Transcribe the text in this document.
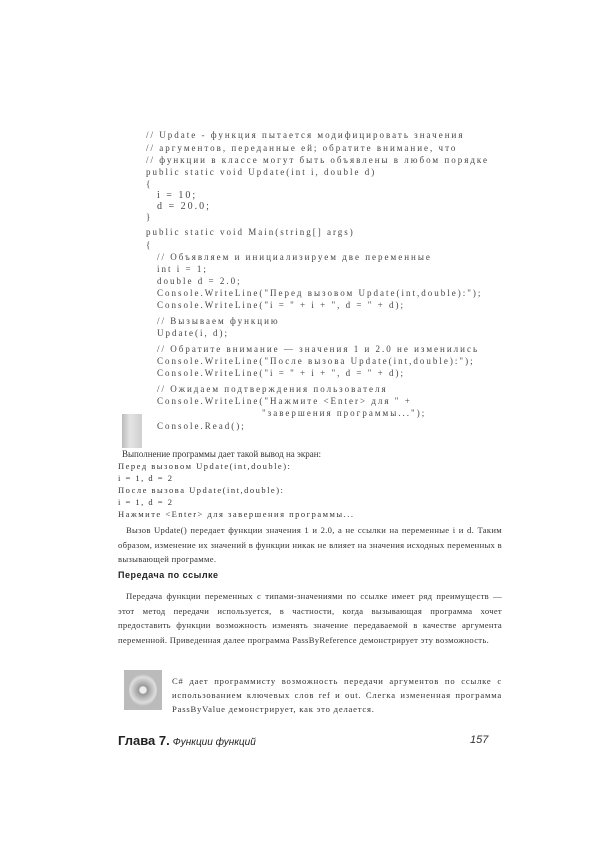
// Update - функция пытается модифицировать значения
// аргументов, переданные ей; обратите внимание, что
// функции в классе могут быть объявлены в любом порядке
public static void Update(int i, double d)
{
i = 10;
d = 20.0;
}
public static void Main(string[] args)
{
// Объявляем и инициализируем две переменные
int i = 1;
double d = 2.0;
Console.WriteLine("Перед вызовом Update(int,double):");
Console.WriteLine("i = " + i + ", d = " + d);
// Вызываем функцию
Update(i, d);
// Обратите внимание — значения 1 и 2.0 не изменились
Console.WriteLine("После вызова Update(int,double):");
Console.WriteLine("i = " + i + ", d = " + d);
// Ожидаем подтверждения пользователя
Console.WriteLine("Нажмите <Enter> для " +
"завершения программы...");
Console.Read();
Выполнение программы дает такой вывод на экран:
Перед вызовом Update(int,double):
i = 1, d = 2
После вызова Update(int,double):
i = 1, d = 2
Нажмите <Enter> для завершения программы...

Вызов Update() передает функции значения 1 и 2.0, а не ссылки на переменные i и d. Таким образом, изменение их значений в функции никак не влияет на значения исходных переменных в вызывающей программе.

Передача по ссылке

Передача функции переменных с типами-значениями по ссылке имеет ряд преимуществ — этот метод передачи используется, в частности, когда вызывающая программа хочет предоставить функции возможность изменять значение передаваемой в качестве аргумента переменной. Приведенная далее программа PassByReference демонстрирует эту возможность.

C# дает программисту возможность передачи аргументов по ссылке с использованием ключевых слов ref и out. Слегка измененная программа PassByValue демонстрирует, как это делается.

Глава 7. Функции функций	157
